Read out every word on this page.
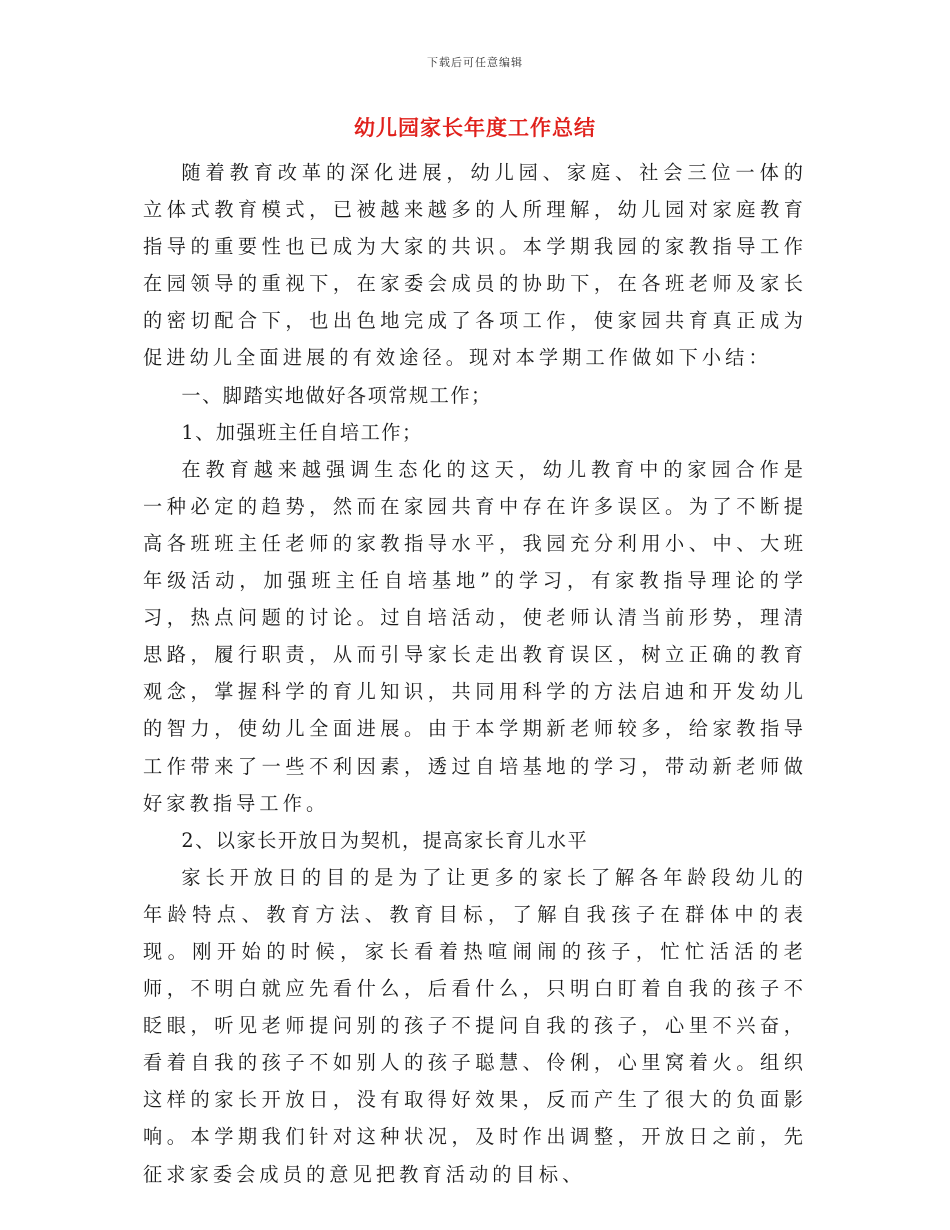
下载后可任意编辑
幼儿园家长年度工作总结

随着教育改革的深化进展，幼儿园、家庭、社会三位一体的立体式教育模式，已被越来越多的人所理解，幼儿园对家庭教育指导的重要性也已成为大家的共识。本学期我园的家教指导工作在园领导的重视下，在家委会成员的协助下，在各班老师及家长的密切配合下，也出色地完成了各项工作，使家园共育真正成为促进幼儿全面进展的有效途径。现对本学期工作做如下小结：

一、脚踏实地做好各项常规工作；

1、加强班主任自培工作；

在教育越来越强调生态化的这天，幼儿教育中的家园合作是一种必定的趋势，然而在家园共育中存在许多误区。为了不断提高各班班主任老师的家教指导水平，我园充分利用小、中、大班年级活动，加强班主任自培基地”的学习，有家教指导理论的学习，热点问题的讨论。过自培活动，使老师认清当前形势，理清思路，履行职责，从而引导家长走出教育误区，树立正确的教育观念，掌握科学的育儿知识，共同用科学的方法启迪和开发幼儿的智力，使幼儿全面进展。由于本学期新老师较多，给家教指导工作带来了一些不利因素，透过自培基地的学习，带动新老师做好家教指导工作。

2、以家长开放日为契机，提高家长育儿水平

家长开放日的目的是为了让更多的家长了解各年龄段幼儿的年龄特点、教育方法、教育目标，了解自我孩子在群体中的表现。刚开始的时候，家长看着热喧闹闹的孩子，忙忙活活的老师，不明白就应先看什么，后看什么，只明白盯着自我的孩子不眨眼，听见老师提问别的孩子不提问自我的孩子，心里不兴奋，看着自我的孩子不如别人的孩子聪慧、伶俐，心里窝着火。组织这样的家长开放日，没有取得好效果，反而产生了很大的负面影响。本学期我们针对这种状况，及时作出调整，开放日之前，先征求家委会成员的意见把教育活动的目标、
